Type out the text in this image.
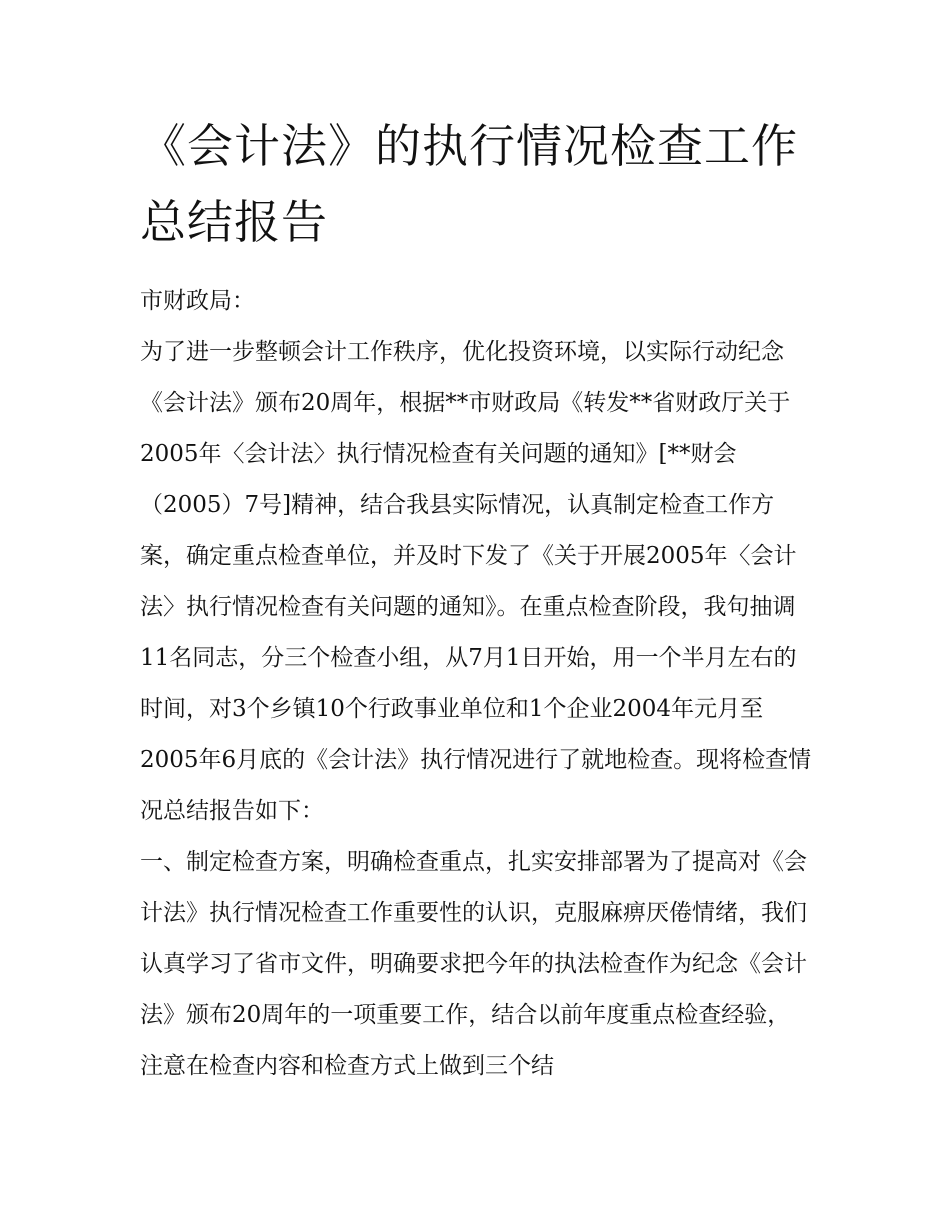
《会计法》的执行情况检查工作总结报告

市财政局：

为了进一步整顿会计工作秩序，优化投资环境，以实际行动纪念《会计法》颁布20周年，根据**市财政局《转发**省财政厅关于2005年〈会计法〉执行情况检查有关问题的通知》[**财会（2005）7号]精神，结合我县实际情况，认真制定检查工作方案，确定重点检查单位，并及时下发了《关于开展2005年〈会计法〉执行情况检查有关问题的通知》。在重点检查阶段，我句抽调11名同志，分三个检查小组，从7月1日开始，用一个半月左右的时间，对3个乡镇10个行政事业单位和1个企业2004年元月至2005年6月底的《会计法》执行情况进行了就地检查。现将检查情况总结报告如下：

一、制定检查方案，明确检查重点，扎实安排部署为了提高对《会计法》执行情况检查工作重要性的认识，克服麻痹厌倦情绪，我们认真学习了省市文件，明确要求把今年的执法检查作为纪念《会计法》颁布20周年的一项重要工作，结合以前年度重点检查经验，注意在检查内容和检查方式上做到三个结
